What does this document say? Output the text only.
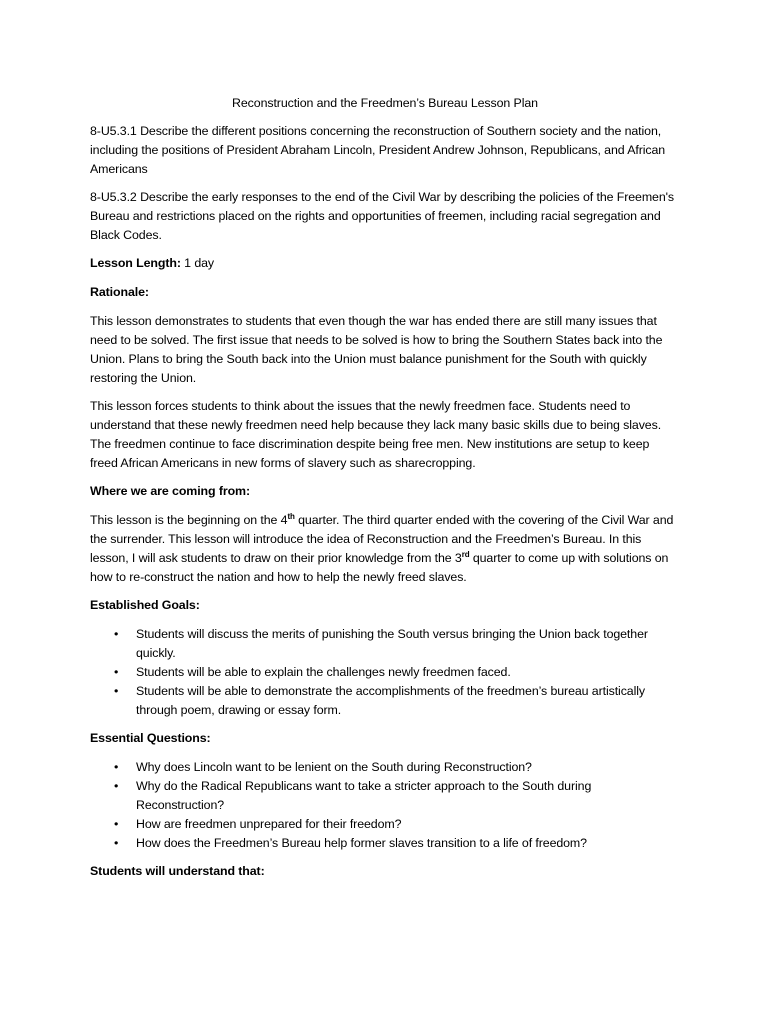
Reconstruction and the Freedmen’s Bureau Lesson Plan

8-U5.3.1 Describe the different positions concerning the reconstruction of Southern society and the nation, including the positions of President Abraham Lincoln, President Andrew Johnson, Republicans, and African Americans

8-U5.3.2 Describe the early responses to the end of the Civil War by describing the policies of the Freemen's Bureau and restrictions placed on the rights and opportunities of freemen, including racial segregation and Black Codes.

Lesson Length: 1 day

Rationale:

This lesson demonstrates to students that even though the war has ended there are still many issues that need to be solved. The first issue that needs to be solved is how to bring the Southern States back into the Union. Plans to bring the South back into the Union must balance punishment for the South with quickly restoring the Union.

This lesson forces students to think about the issues that the newly freedmen face. Students need to understand that these newly freedmen need help because they lack many basic skills due to being slaves. The freedmen continue to face discrimination despite being free men. New institutions are setup to keep freed African Americans in new forms of slavery such as sharecropping.

Where we are coming from:

This lesson is the beginning on the 4th quarter. The third quarter ended with the covering of the Civil War and the surrender. This lesson will introduce the idea of Reconstruction and the Freedmen’s Bureau. In this lesson, I will ask students to draw on their prior knowledge from the 3rd quarter to come up with solutions on how to re-construct the nation and how to help the newly freed slaves.

Established Goals:

• Students will discuss the merits of punishing the South versus bringing the Union back together quickly.
• Students will be able to explain the challenges newly freedmen faced.
• Students will be able to demonstrate the accomplishments of the freedmen’s bureau artistically through poem, drawing or essay form.

Essential Questions:

• Why does Lincoln want to be lenient on the South during Reconstruction?
• Why do the Radical Republicans want to take a stricter approach to the South during Reconstruction?
• How are freedmen unprepared for their freedom?
• How does the Freedmen’s Bureau help former slaves transition to a life of freedom?

Students will understand that:
